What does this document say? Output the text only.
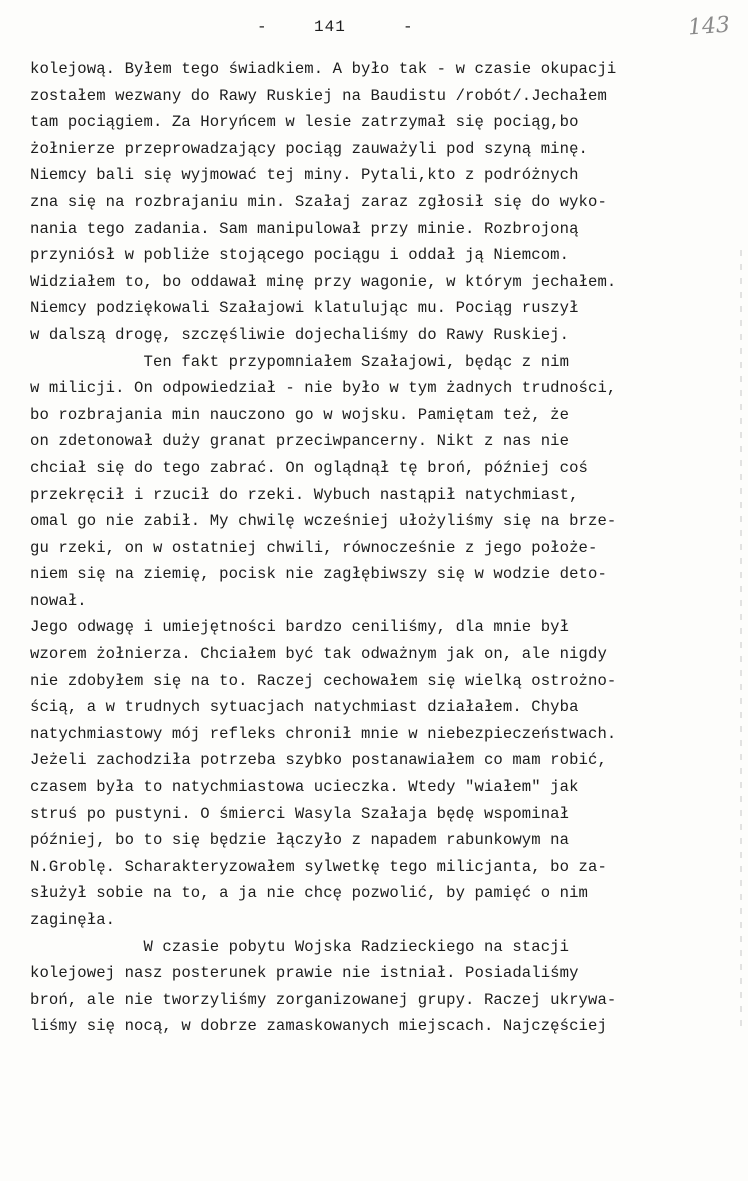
-	141	-	143
kolejową. Byłem tego świadkiem. A było tak - w czasie okupacji
zostałem wezwany do Rawy Ruskiej na Baudistu /robót/.Jechałem
tam pociągiem. Za Horyńcem w lesie zatrzymał się pociąg,bo
żołnierze przeprowadzający pociąg zauważyli pod szyną minę.
Niemcy bali się wyjmować tej miny. Pytali,kto z podróżnych
zna się na rozbrajaniu min. Szałaj zaraz zgłosił się do wyko-
nania tego zadania. Sam manipulował przy minie. Rozbrojoną
przyniósł w pobliże stojącego pociągu i oddał ją Niemcom.
Widziałem to, bo oddawał minę przy wagonie, w którym jechałem.
Niemcy podziękowali Szałajowi klatulując mu. Pociąg ruszył
w dalszą drogę, szczęśliwie dojechaliśmy do Rawy Ruskiej.
Ten fakt przypomniałem Szałajowi, będąc z nim
w milicji. On odpowiedział - nie było w tym żadnych trudności,
bo rozbrajania min nauczono go w wojsku. Pamiętam też, że
on zdetonował duży granat przeciwpancerny. Nikt z nas nie
chciał się do tego zabrać. On oglądnął tę broń, później coś
przekręcił i rzucił do rzeki. Wybuch nastąpił natychmiast,
omal go nie zabił. My chwilę wcześniej ułożyliśmy się na brze-
gu rzeki, on w ostatniej chwili, równocześnie z jego położe-
niem się na ziemię, pocisk nie zagłębiwszy się w wodzie deto-
nował.
Jego odwagę i umiejętności bardzo ceniliśmy, dla mnie był
wzorem żołnierza. Chciałem być tak odważnym jak on, ale nigdy
nie zdobyłem się na to. Raczej cechowałem się wielką ostrożno-
ścią, a w trudnych sytuacjach natychmiast działałem. Chyba
natychmiastowy mój refleks chronił mnie w niebezpieczeństwach.
Jeżeli zachodziła potrzeba szybko postanawiałem co mam robić,
czasem była to natychmiastowa ucieczka. Wtedy "wiałem" jak
struś po pustyni. O śmierci Wasyla Szałaja będę wspominał
później, bo to się będzie łączyło z napadem rabunkowym na
N.Groblę. Scharakteryzowałem sylwetkę tego milicjanta, bo za-
służył sobie na to, a ja nie chcę pozwolić, by pamięć o nim
zaginęła.
W czasie pobytu Wojska Radzieckiego na stacji
kolejowej nasz posterunek prawie nie istniał. Posiadaliśmy
broń, ale nie tworzyliśmy zorganizowanej grupy. Raczej ukrywa-
liśmy się nocą, w dobrze zamaskowanych miejscach. Najczęściej
